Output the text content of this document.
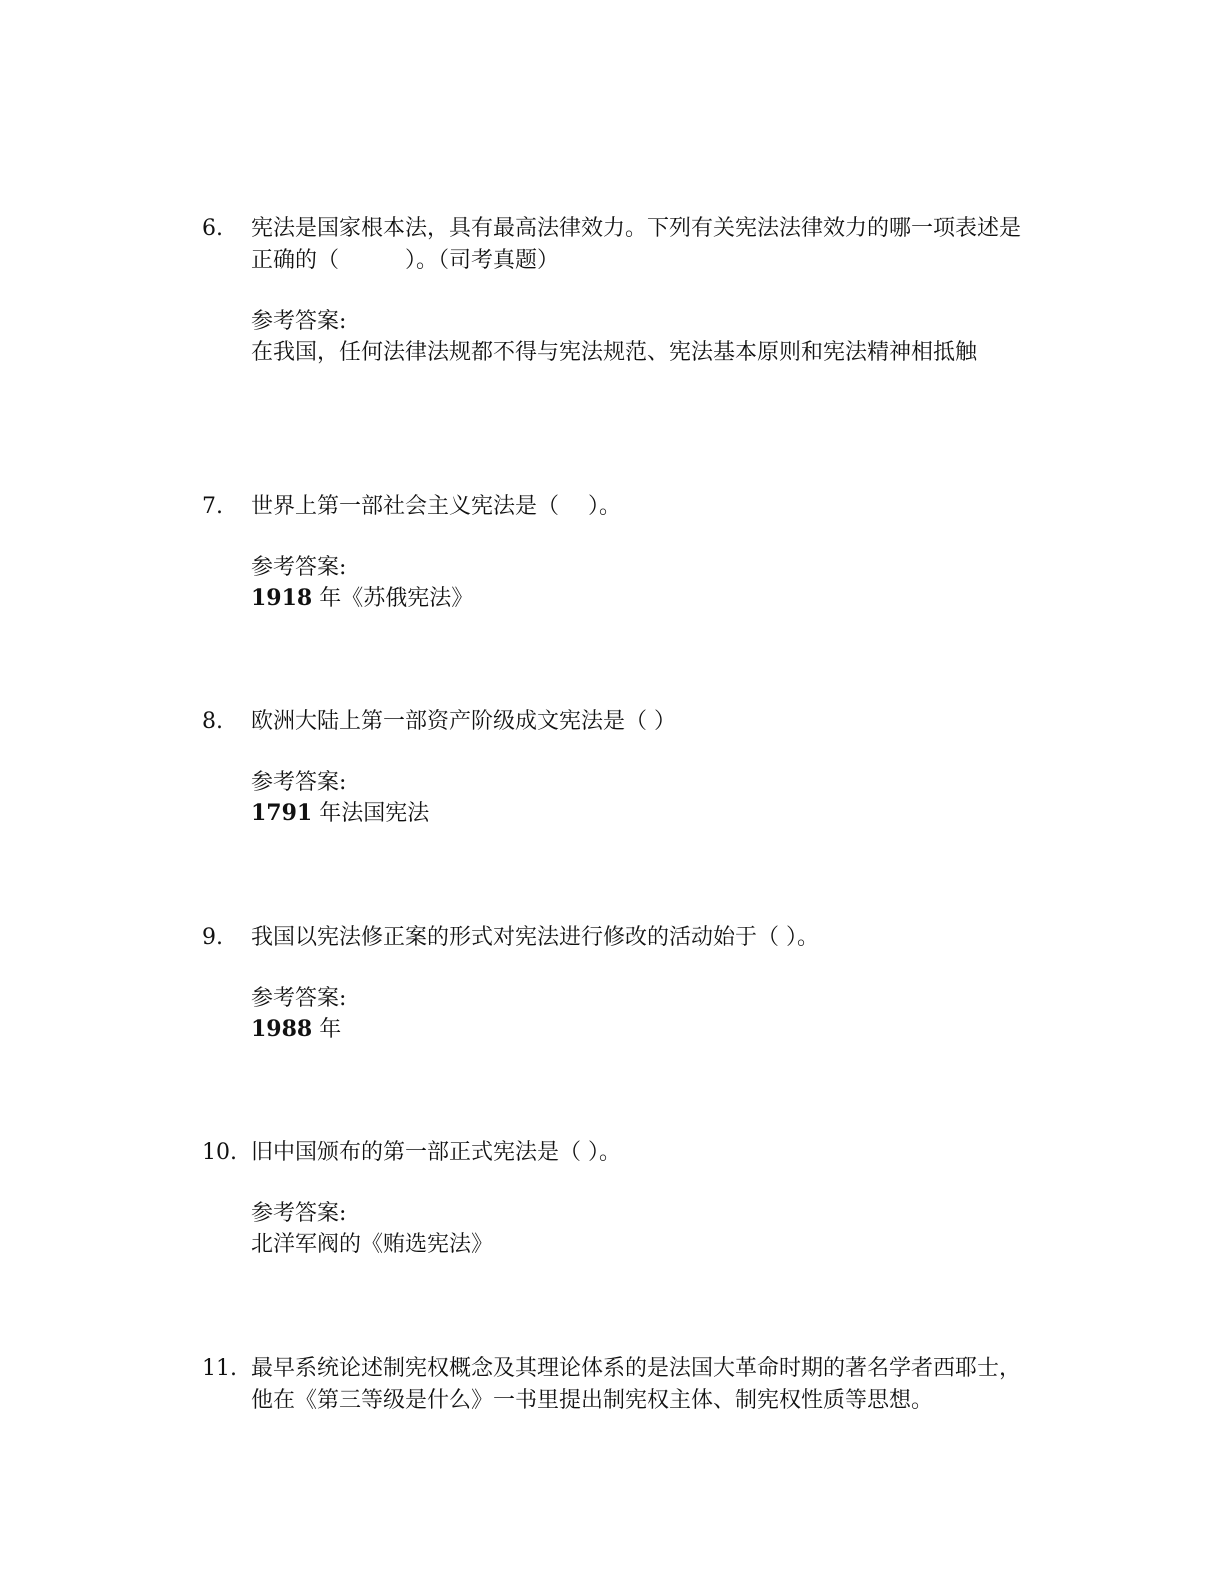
6. 宪法是国家根本法，具有最高法律效力。下列有关宪法法律效力的哪一项表述是正确的（　　　）。（司考真题）
参考答案:
在我国，任何法律法规都不得与宪法规范、宪法基本原则和宪法精神相抵触
7. 世界上第一部社会主义宪法是（　 ）。
参考答案:
1918 年《苏俄宪法》
8. 欧洲大陆上第一部资产阶级成文宪法是（ ）
参考答案:
1791 年法国宪法
9. 我国以宪法修正案的形式对宪法进行修改的活动始于（ ）。
参考答案:
1988 年
10. 旧中国颁布的第一部正式宪法是（ ）。
参考答案:
北洋军阀的《贿选宪法》
11. 最早系统论述制宪权概念及其理论体系的是法国大革命时期的著名学者西耶士，他在《第三等级是什么》一书里提出制宪权主体、制宪权性质等思想。
